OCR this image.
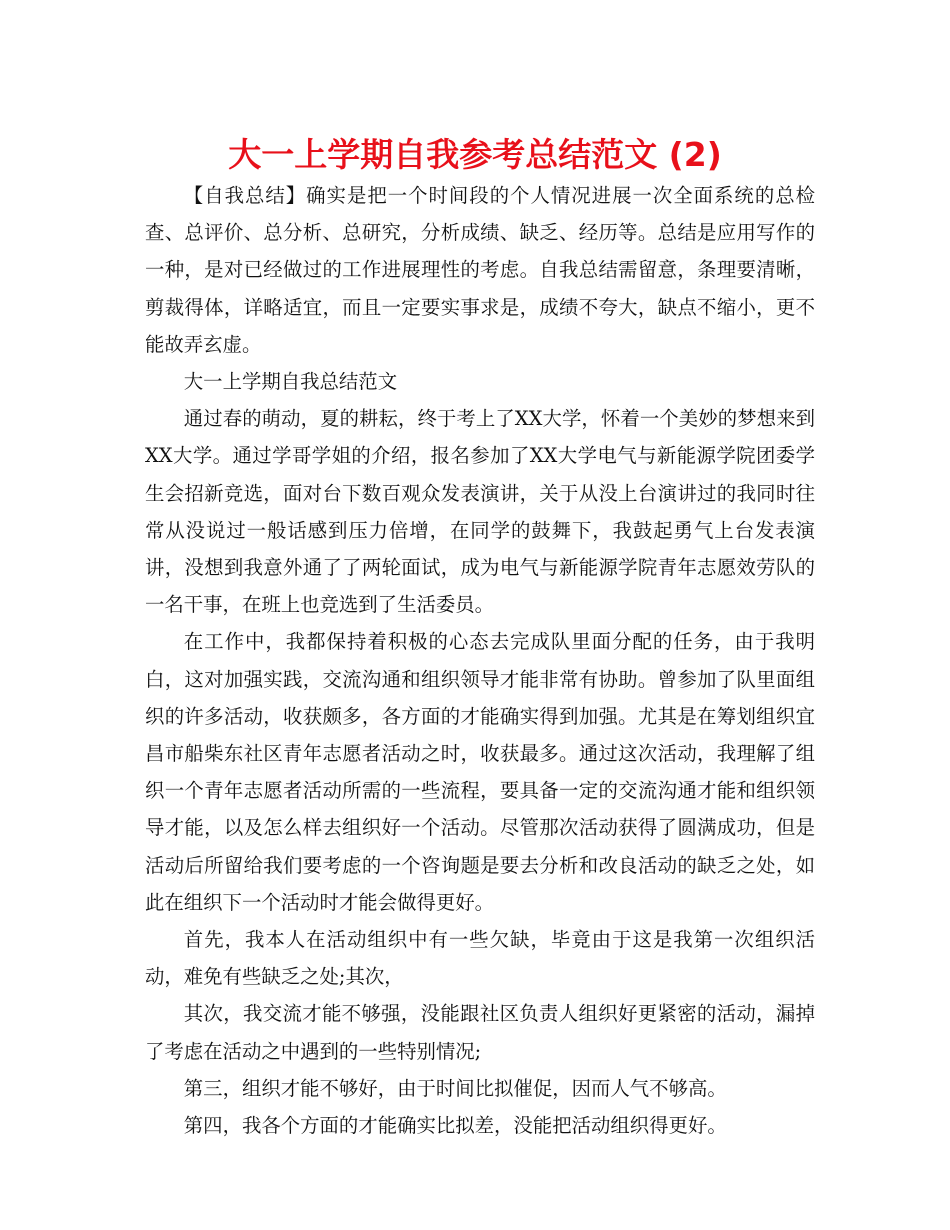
大一上学期自我参考总结范文 (2)

【自我总结】确实是把一个时间段的个人情况进展一次全面系统的总检查、总评价、总分析、总研究，分析成绩、缺乏、经历等。总结是应用写作的一种，是对已经做过的工作进展理性的考虑。自我总结需留意，条理要清晰，剪裁得体，详略适宜，而且一定要实事求是，成绩不夸大，缺点不缩小，更不能故弄玄虚。

大一上学期自我总结范文

通过春的萌动，夏的耕耘，终于考上了XX大学，怀着一个美妙的梦想来到XX大学。通过学哥学姐的介绍，报名参加了XX大学电气与新能源学院团委学生会招新竞选，面对台下数百观众发表演讲，关于从没上台演讲过的我同时往常从没说过一般话感到压力倍增，在同学的鼓舞下，我鼓起勇气上台发表演讲，没想到我意外通了了两轮面试，成为电气与新能源学院青年志愿效劳队的一名干事，在班上也竞选到了生活委员。

在工作中，我都保持着积极的心态去完成队里面分配的任务，由于我明白，这对加强实践，交流沟通和组织领导才能非常有协助。曾参加了队里面组织的许多活动，收获颇多，各方面的才能确实得到加强。尤其是在筹划组织宜昌市船柴东社区青年志愿者活动之时，收获最多。通过这次活动，我理解了组织一个青年志愿者活动所需的一些流程，要具备一定的交流沟通才能和组织领导才能，以及怎么样去组织好一个活动。尽管那次活动获得了圆满成功，但是活动后所留给我们要考虑的一个咨询题是要去分析和改良活动的缺乏之处，如此在组织下一个活动时才能会做得更好。

首先，我本人在活动组织中有一些欠缺，毕竟由于这是我第一次组织活动，难免有些缺乏之处;其次，

其次，我交流才能不够强，没能跟社区负责人组织好更紧密的活动，漏掉了考虑在活动之中遇到的一些特别情况;

第三，组织才能不够好，由于时间比拟催促，因而人气不够高。

第四，我各个方面的才能确实比拟差，没能把活动组织得更好。
